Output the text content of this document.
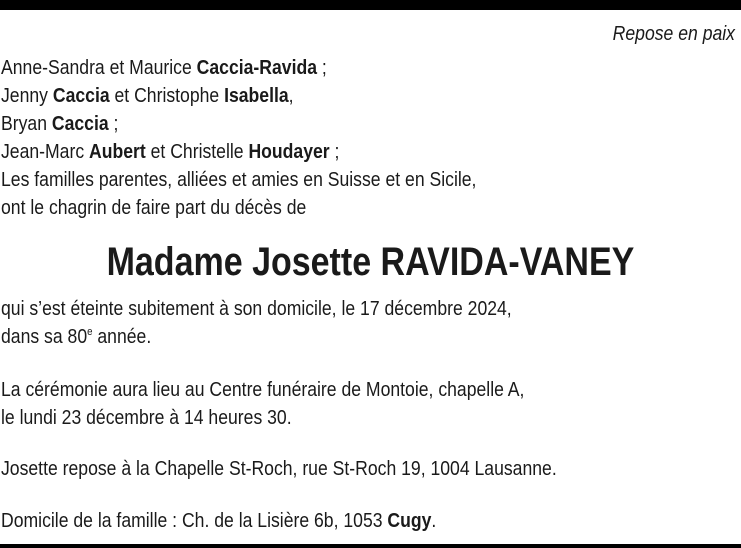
Repose en paix
Anne-Sandra et Maurice Caccia-Ravida ;
Jenny Caccia et Christophe Isabella,
Bryan Caccia ;
Jean-Marc Aubert et Christelle Houdayer ;
Les familles parentes, alliées et amies en Suisse et en Sicile,
ont le chagrin de faire part du décès de
Madame Josette RAVIDA-VANEY
qui s’est éteinte subitement à son domicile, le 17 décembre 2024,
dans sa 80e année.
La cérémonie aura lieu au Centre funéraire de Montoie, chapelle A,
le lundi 23 décembre à 14 heures 30.
Josette repose à la Chapelle St-Roch, rue St-Roch 19, 1004 Lausanne.
Domicile de la famille : Ch. de la Lisière 6b, 1053 Cugy.
